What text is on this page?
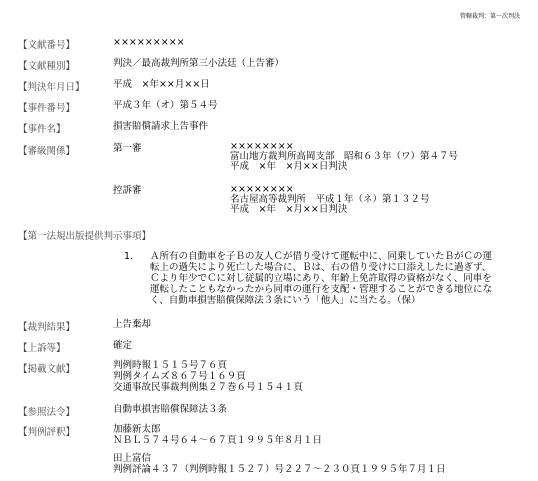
管轄裁判：第一次判決
【文献番号】	×××××××××
【文献種別】	判決／最高裁判所第三小法廷（上告審）
【判決年月日】	平成　×年××月××日
【事件番号】	平成３年（オ）第５４号
【事件名】	損害賠償請求上告事件
【審級関係】	第一審	××××××××
富山地方裁判所高岡支部　昭和６３年（ワ）第４７号
平成　×年　×月××日判決
控訴審	××××××××
名古屋高等裁判所　平成１年（ネ）第１３２号
平成　×年　×月××日判決
【第一法規出版提供判示事項】
1. Ａ所有の自動車を子Ｂの友人Ｃが借り受けて運転中に、同乗していたＢがＣの運
転上の過失により死亡した場合に、Ｂは、右の借り受けに口添えしたに過ぎず、
Ｃより年少でＣに対し従属的立場にあり、年齢上免許取得の資格がなく、同車を
運転したこともなかったから同車の運行を支配・管理することができる地位にな
く、自動車損害賠償保障法３条にいう「他人」に当たる。（保）
【裁判結果】	上告棄却
【上訴等】	確定
【掲載文献】	判例時報１５１５号７６頁
判例タイムズ８６７号１６９頁
交通事故民事裁判例集２７巻６号１５４１頁
【参照法令】	自動車損害賠償保障法３条
【判例評釈】	加藤新太郎
ＮＢＬ５７４号６４〜６７頁１９９５年８月１日
田上富信
判例評論４３７（判例時報１５２７）号２２７〜２３０頁１９９５年７月１日
